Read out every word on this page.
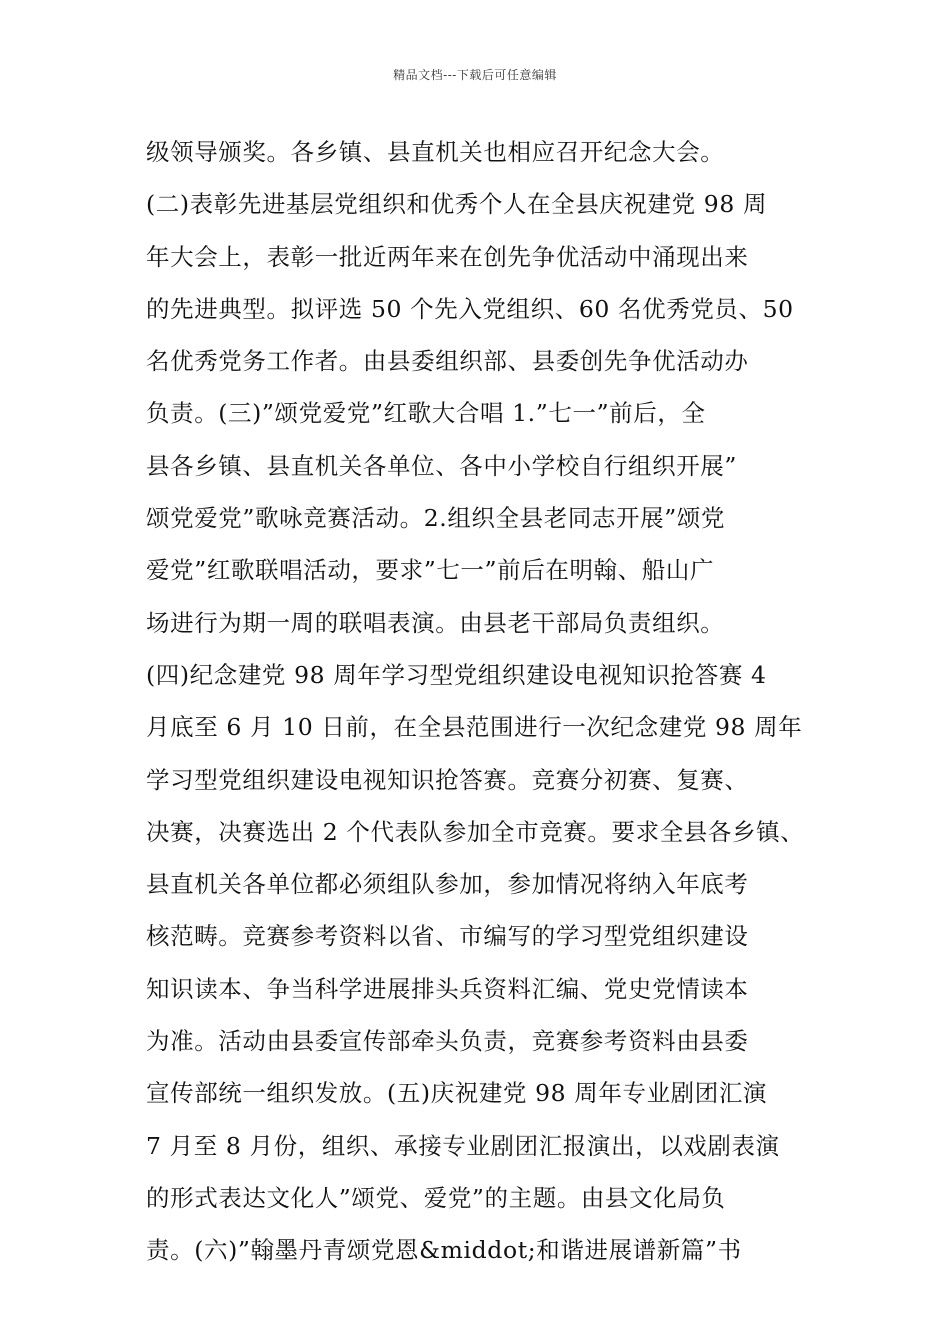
精品文档---下载后可任意编辑
级领导颁奖。各乡镇、县直机关也相应召开纪念大会。
(二)表彰先进基层党组织和优秀个人在全县庆祝建党 98 周
年大会上，表彰一批近两年来在创先争优活动中涌现出来
的先进典型。拟评选 50 个先入党组织、60 名优秀党员、50
名优秀党务工作者。由县委组织部、县委创先争优活动办
负责。(三)”颂党爱党”红歌大合唱 1.”七一”前后，全
县各乡镇、县直机关各单位、各中小学校自行组织开展”
颂党爱党”歌咏竞赛活动。2.组织全县老同志开展”颂党
爱党”红歌联唱活动，要求”七一”前后在明翰、船山广
场进行为期一周的联唱表演。由县老干部局负责组织。
(四)纪念建党 98 周年学习型党组织建设电视知识抢答赛 4
月底至 6 月 10 日前，在全县范围进行一次纪念建党 98 周年
学习型党组织建设电视知识抢答赛。竞赛分初赛、复赛、
决赛，决赛选出 2 个代表队参加全市竞赛。要求全县各乡镇、
县直机关各单位都必须组队参加，参加情况将纳入年底考
核范畴。竞赛参考资料以省、市编写的学习型党组织建设
知识读本、争当科学进展排头兵资料汇编、党史党情读本
为准。活动由县委宣传部牵头负责，竞赛参考资料由县委
宣传部统一组织发放。(五)庆祝建党 98 周年专业剧团汇演
7 月至 8 月份，组织、承接专业剧团汇报演出，以戏剧表演
的形式表达文化人”颂党、爱党”的主题。由县文化局负
责。(六)”翰墨丹青颂党恩&middot;和谐进展谱新篇”书
